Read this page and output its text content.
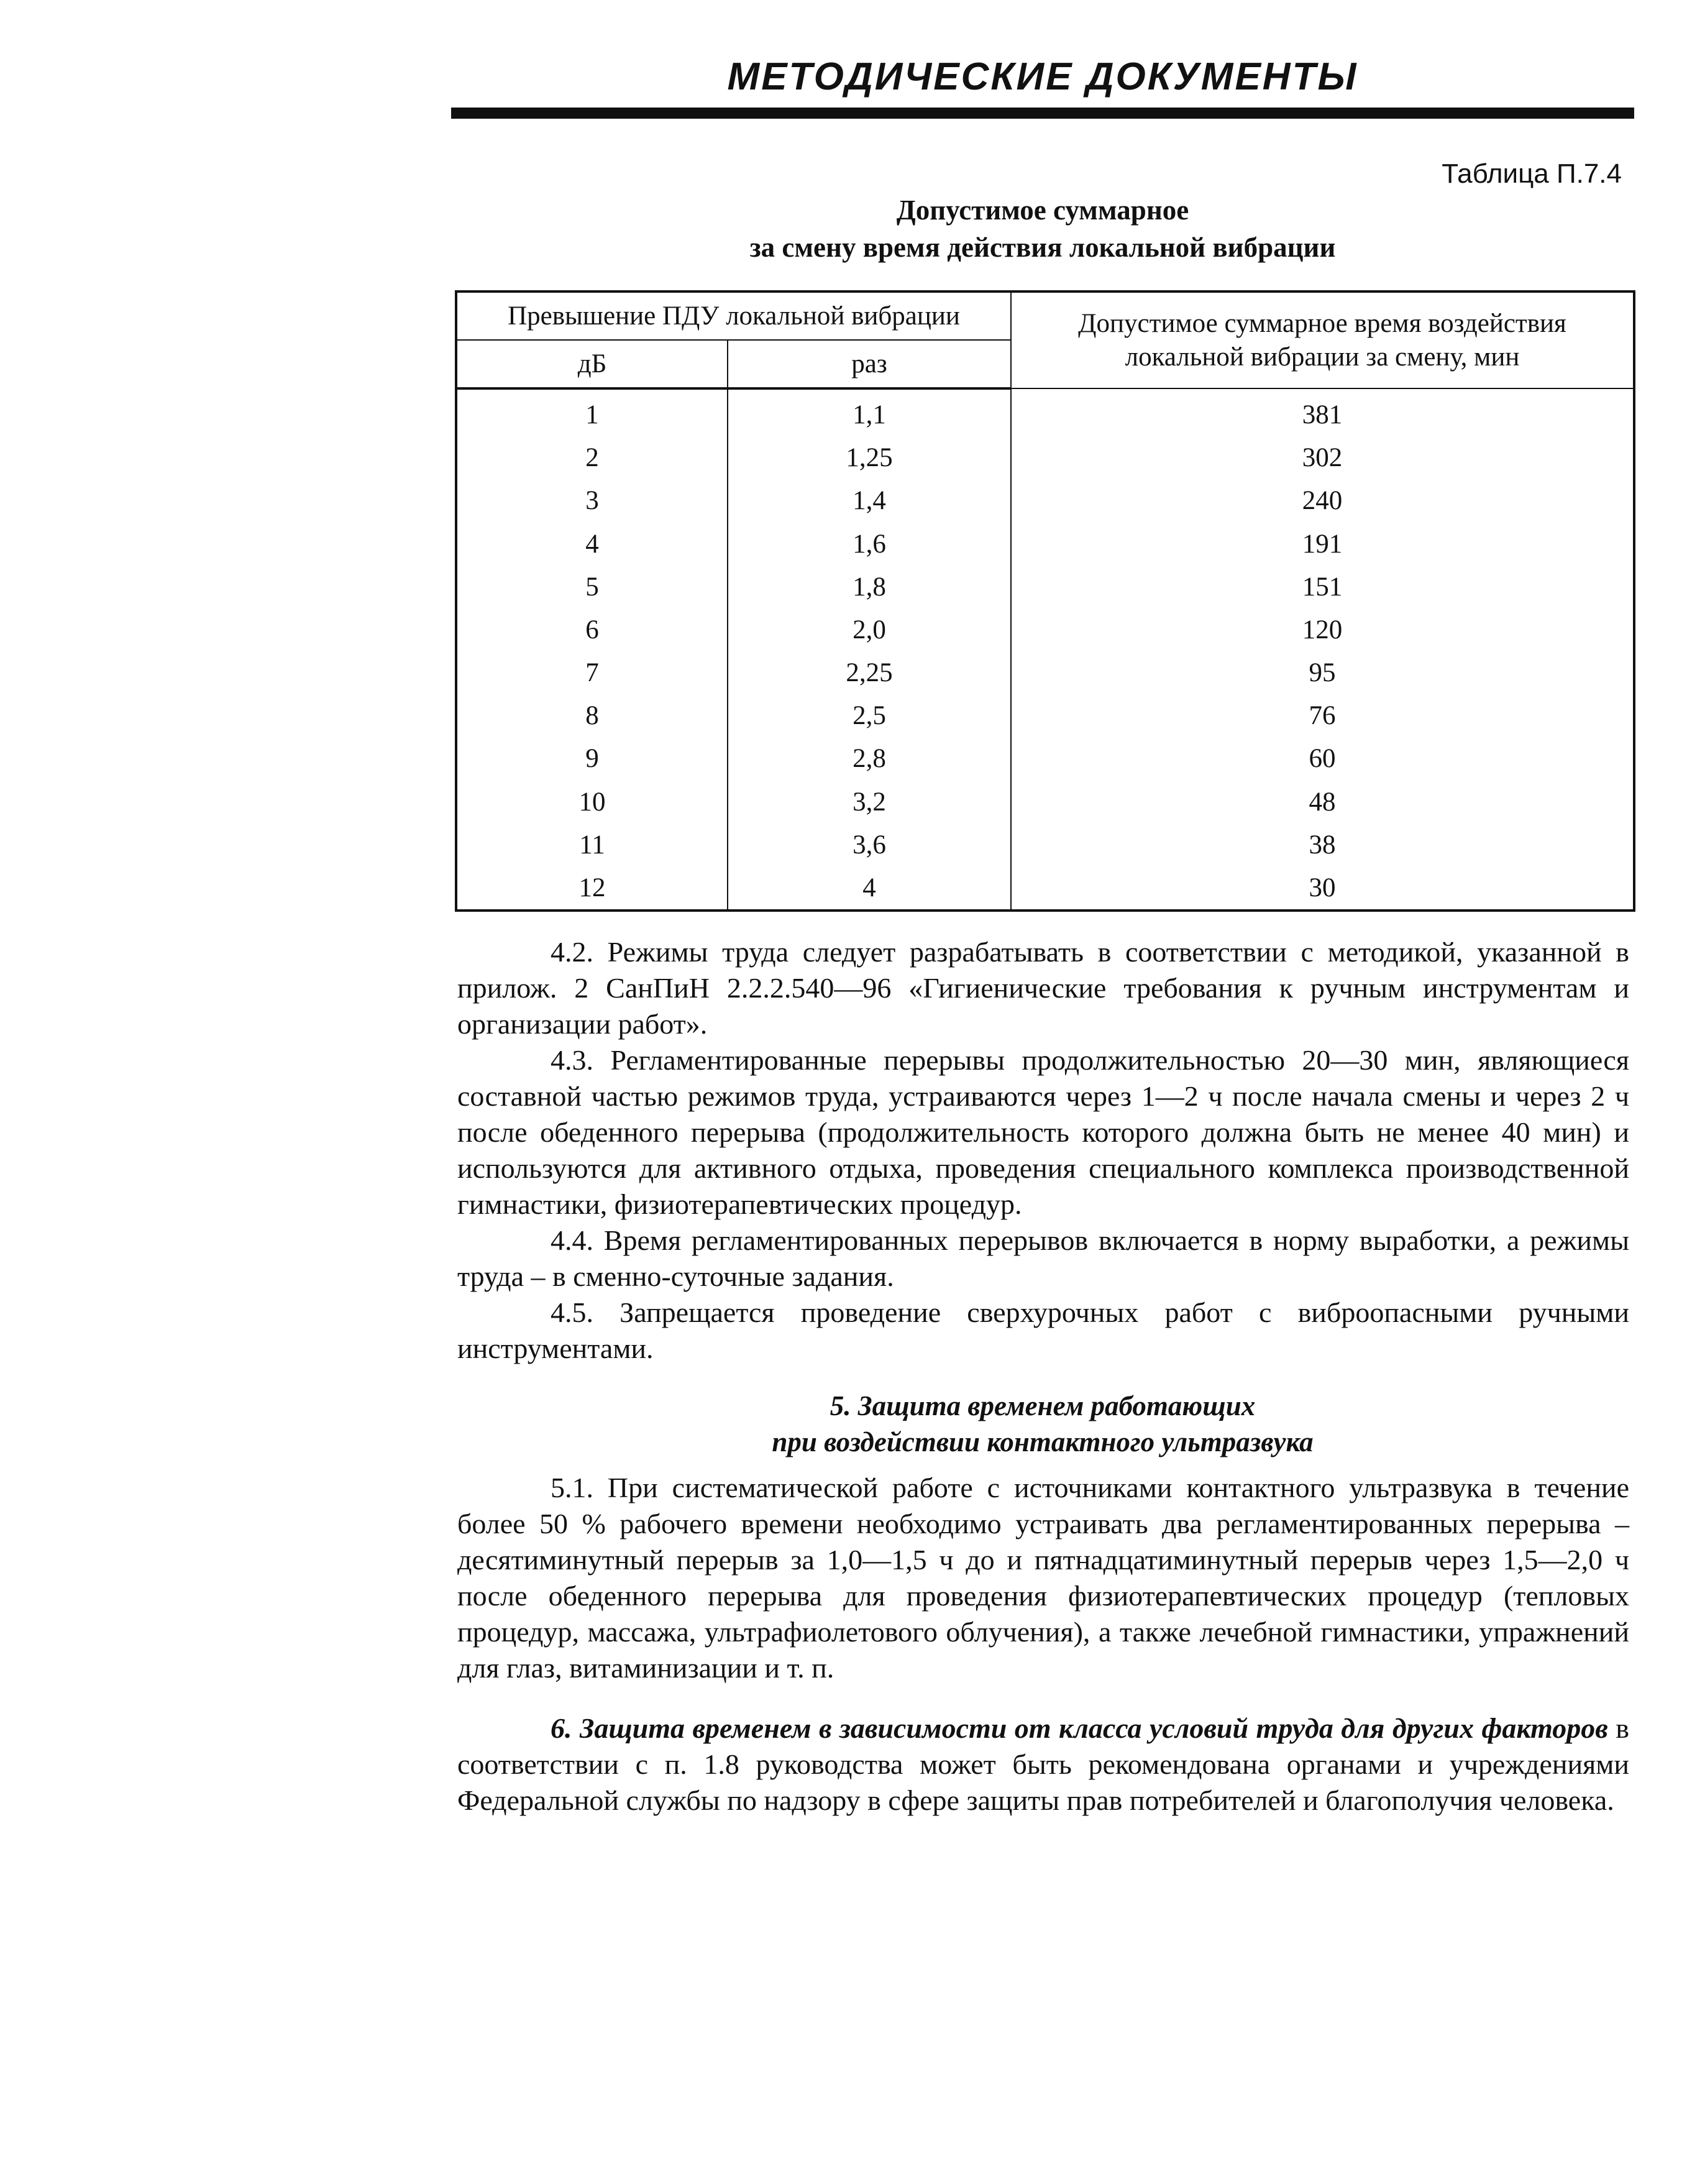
МЕТОДИЧЕСКИЕ ДОКУМЕНТЫ
Таблица П.7.4
Допустимое суммарное
за смену время действия локальной вибрации
Превышение ПДУ локальной вибрации		Допустимое суммарное время воздействия
локальной вибрации за смену, мин

дБ	раз	
1	1,1	381
2	1,25	302
3	1,4	240
4	1,6	191
5	1,8	151
6	2,0	120
7	2,25	95
8	2,5	76
9	2,8	60
10	3,2	48
11	3,6	38
12	4	30

4.2. Режимы труда следует разрабатывать в соответствии с методикой, указанной в прилож. 2 СанПиН 2.2.2.540—96 «Гигиенические требования к ручным инструментам и организации работ».

4.3. Регламентированные перерывы продолжительностью 20—30 мин, являющиеся составной частью режимов труда, устраиваются через 1—2 ч после начала смены и через 2 ч после обеденного перерыва (продолжительность которого должна быть не менее 40 мин) и используются для активного отдыха, проведения специального комплекса производственной гимнастики, физиотерапевтических процедур.

4.4. Время регламентированных перерывов включается в норму выработки, а режимы труда – в сменно-суточные задания.

4.5. Запрещается проведение сверхурочных работ с виброопасными ручными инструментами.

5. Защита временем работающих
при воздействии контактного ультразвука

5.1. При систематической работе с источниками контактного ультразвука в течение более 50 % рабочего времени необходимо устраивать два регламентированных перерыва – десятиминутный перерыв за 1,0—1,5 ч до и пятнадцатиминутный перерыв через 1,5—2,0 ч после обеденного перерыва для проведения физиотерапевтических процедур (тепловых процедур, массажа, ультрафиолетового облучения), а также лечебной гимнастики, упражнений для глаз, витаминизации и т. п.

6. Защита временем в зависимости от класса условий труда для других факторов в соответствии с п. 1.8 руководства может быть рекомендована органами и учреждениями Федеральной службы по надзору в сфере защиты прав потребителей и благополучия человека.
